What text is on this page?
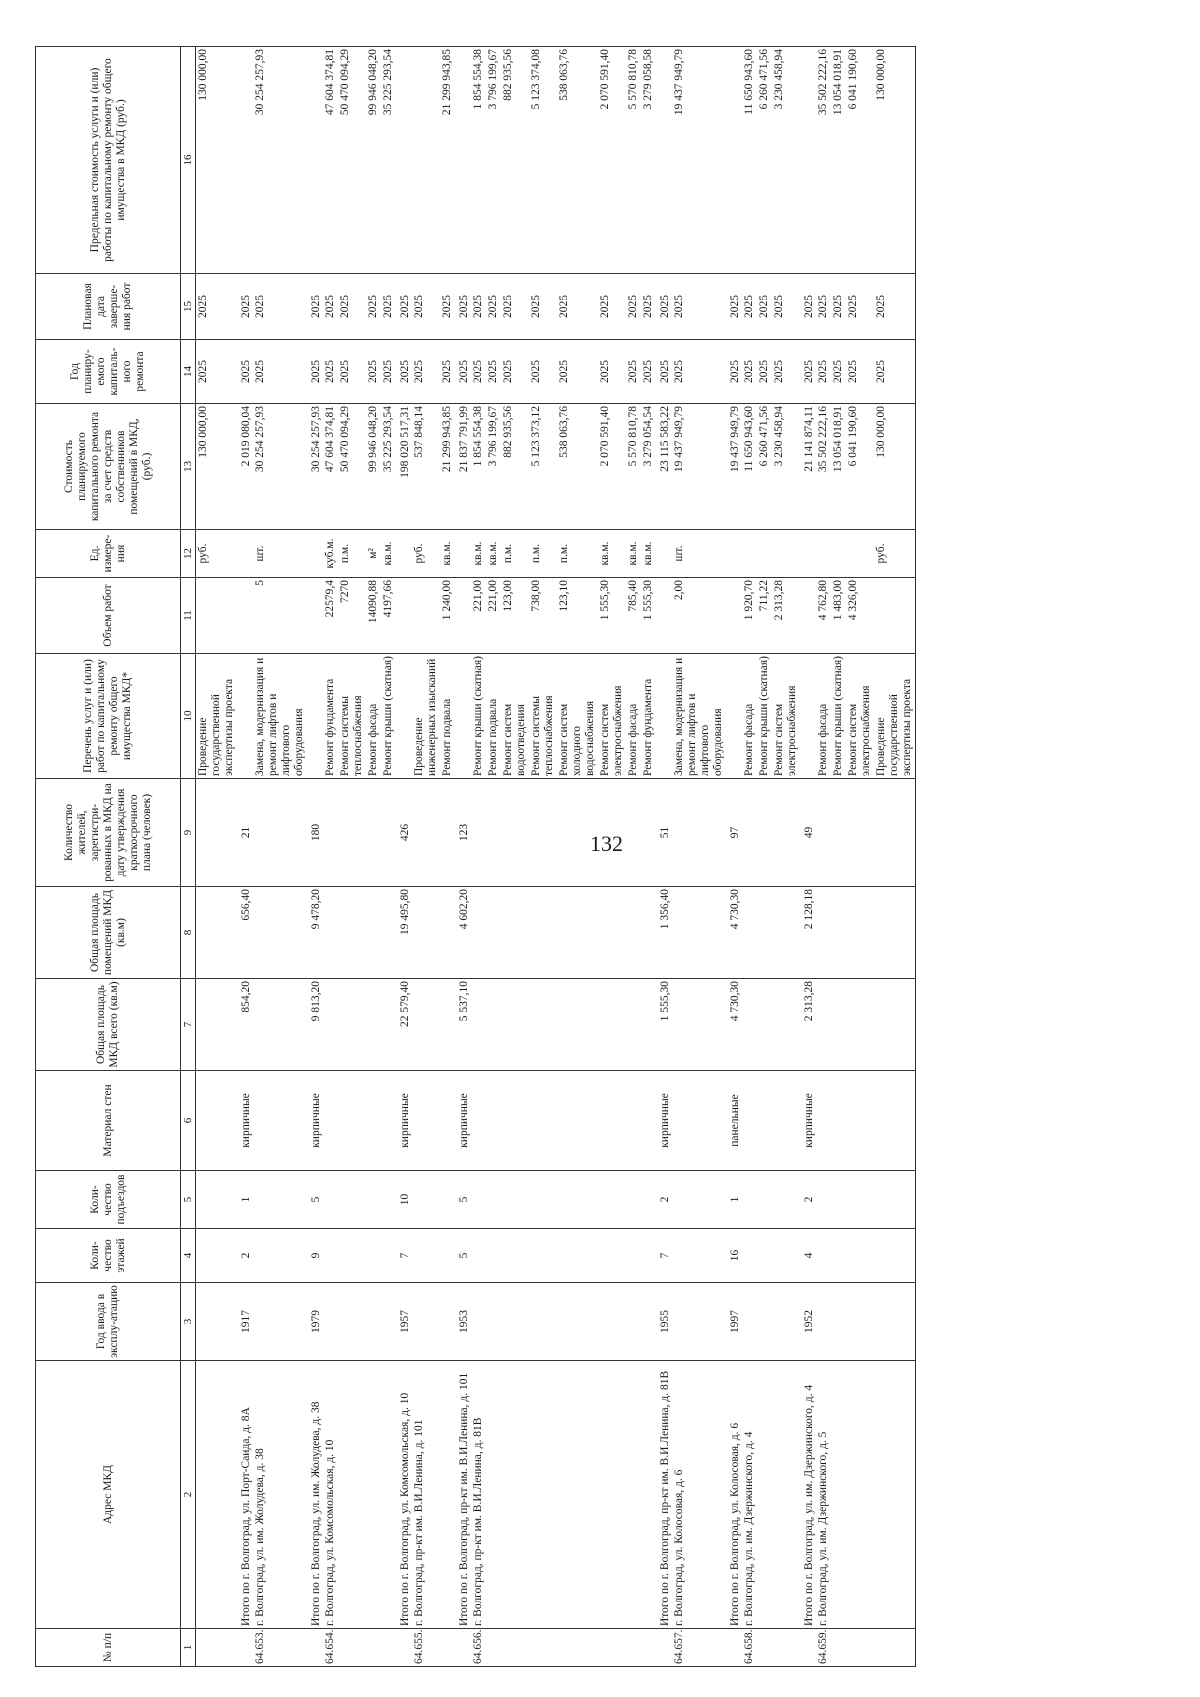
132
№ п/п	Адрес МКД	Год ввода в эксплу-атацию	Коли-чество этажей	Коли-чество подъездов	Материал стен	Общая площадь МКД всего (кв.м)	Общая площадь помещений МКД (кв.м)	Количество жителей, зарегистри-рованных в МКД на дату утверждения краткосрочного плана (человек)	Перечень услуг и (или) работ по капитальному ремонту общего имущества МКД*	Объем работ	Ед. измере-ния	Стоимость планируемого капитального ремонта за счет средств собственников помещений в МКД, (руб.)	Год планиру-емого капиталь-ного ремонта	Плановая дата заверше-ния работ	Предельная стоимость услуги и (или) работы по капитальному ремонту общего имущества в МКД (руб.)
1	2	3	4	5	6	7	8	9	10	11	12	13	14	15	16
									Проведение государственной экспертизы проекта		руб.	130 000,00	2025	2025	130 000,00
	Итого по г. Волгоград, ул. Порт-Саида, д. 8А	1917	2	1	кирпичные	854,20	656,40	21				2 019 080,04	2025	2025	
64.653.	г. Волгоград, ул. им. Жолудева, д. 38								Замена, модернизация и ремонт лифтов и лифтового оборудования	5	шт.	30 254 257,93	2025	2025	30 254 257,93
	Итого по г. Волгоград, ул. им. Жолудева, д. 38	1979	9	5	кирпичные	9 813,20	9 478,20	180				30 254 257,93	2025	2025	
64.654.	г. Волгоград, ул. Комсомольская, д. 10								Ремонт фундамента	22579,4	куб.м.	47 604 374,81	2025	2025	47 604 374,81
									Ремонт системы теплоснабжения	7270	п.м.	50 470 094,29	2025	2025	50 470 094,29
									Ремонт фасада	14090,88	м²	99 946 048,20	2025	2025	99 946 048,20
									Ремонт крыши (скатная)	4197,66	кв.м.	35 225 293,54	2025	2025	35 225 293,54
	Итого по г. Волгоград, ул. Комсомольская, д. 10	1957	7	10	кирпичные	22 579,40	19 495,80	426				198 020 517,31	2025	2025	
64.655.	г. Волгоград, пр-кт им. В.И.Ленина, д. 101								Проведение инженерных изысканий		руб.	537 848,14	2025	2025	
									Ремонт подвала	1 240,00	кв.м.	21 299 943,85	2025	2025	21 299 943,85
	Итого по г. Волгоград, пр-кт им. В.И.Ленина, д. 101	1953	5	5	кирпичные	5 537,10	4 602,20	123				21 837 791,99	2025	2025	
64.656.	г. Волгоград, пр-кт им. В.И.Ленина, д. 81В								Ремонт крыши (скатная)	221,00	кв.м.	1 854 554,38	2025	2025	1 854 554,38
									Ремонт подвала	221,00	кв.м.	3 796 199,67	2025	2025	3 796 199,67
									Ремонт систем водоотведения	123,00	п.м.	882 935,56	2025	2025	882 935,56
									Ремонт системы теплоснабжения	738,00	п.м.	5 123 373,12	2025	2025	5 123 374,08
									Ремонт систем холодного водоснабжения	123,10	п.м.	538 063,76	2025	2025	538 063,76
									Ремонт систем электроснабжения	1 555,30	кв.м.	2 070 591,40	2025	2025	2 070 591,40
									Ремонт фасада	785,40	кв.м.	5 570 810,78	2025	2025	5 570 810,78
									Ремонт фундамента	1 555,30	кв.м.	3 279 054,54	2025	2025	3 279 058,58
	Итого по г. Волгоград, пр-кт им. В.И.Ленина, д. 81В	1955	7	2	кирпичные	1 555,30	1 356,40	51				23 115 583,22	2025	2025	
64.657.	г. Волгоград, ул. Колосовая, д. 6								Замена, модернизация и ремонт лифтов и лифтового оборудования	2,00	шт.	19 437 949,79	2025	2025	19 437 949,79
	Итого по г. Волгоград, ул. Колосовая, д. 6	1997	16	1	панельные	4 730,30	4 730,30	97				19 437 949,79	2025	2025	
64.658.	г. Волгоград, ул. им. Дзержинского, д. 4								Ремонт фасада	1 920,70		11 650 943,60	2025	2025	11 650 943,60
									Ремонт крыши (скатная)	711,22		6 260 471,56	2025	2025	6 260 471,56
									Ремонт систем электроснабжения	2 313,28		3 230 458,94	2025	2025	3 230 458,94
	Итого по г. Волгоград, ул. им. Дзержинского, д. 4	1952	4	2	кирпичные	2 313,28	2 128,18	49				21 141 874,11	2025	2025	
64.659.	г. Волгоград, ул. им. Дзержинского, д. 5								Ремонт фасада	4 762,80		35 502 222,16	2025	2025	35 502 222,16
									Ремонт крыши (скатная)	1 483,00		13 054 018,91	2025	2025	13 054 018,91
									Ремонт систем электроснабжения	4 326,00		6 041 190,60	2025	2025	6 041 190,60
									Проведение государственной экспертизы проекта		руб.	130 000,00	2025	2025	130 000,00
